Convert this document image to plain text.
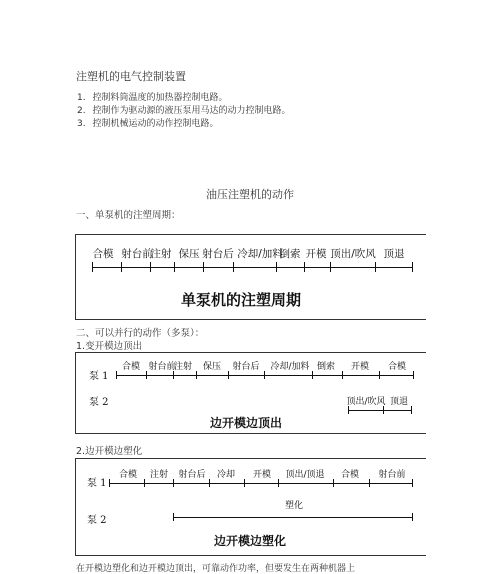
注塑机的电气控制装置
1. 控制料筒温度的加热器控制电路。
2. 控制作为驱动源的液压泵用马达的动力控制电路。
3. 控制机械运动的动作控制电路。
油压注塑机的动作
一、单泵机的注塑周期：
合模 射台前
注射 保压 射台后 冷却/加料
倒索 开模 顶出/吹风 顶退
单泵机的注塑周期
二、可以并行的动作（多泵）：
1.变开模边顶出
泵 1
泵 2
合模 射台前
注射 保压 射台后 冷却/加料 倒索 开模 合模
顶出/吹风 顶退
边开模边顶出
2.边开模边塑化
泵 1
泵 2
合模 注射 射台后 冷却 开模 顶出/顶退 合模 射台前
塑化
边开模边塑化
在开模边塑化和边开模边顶出，可靠动作功率，但要发生在两种机器上
